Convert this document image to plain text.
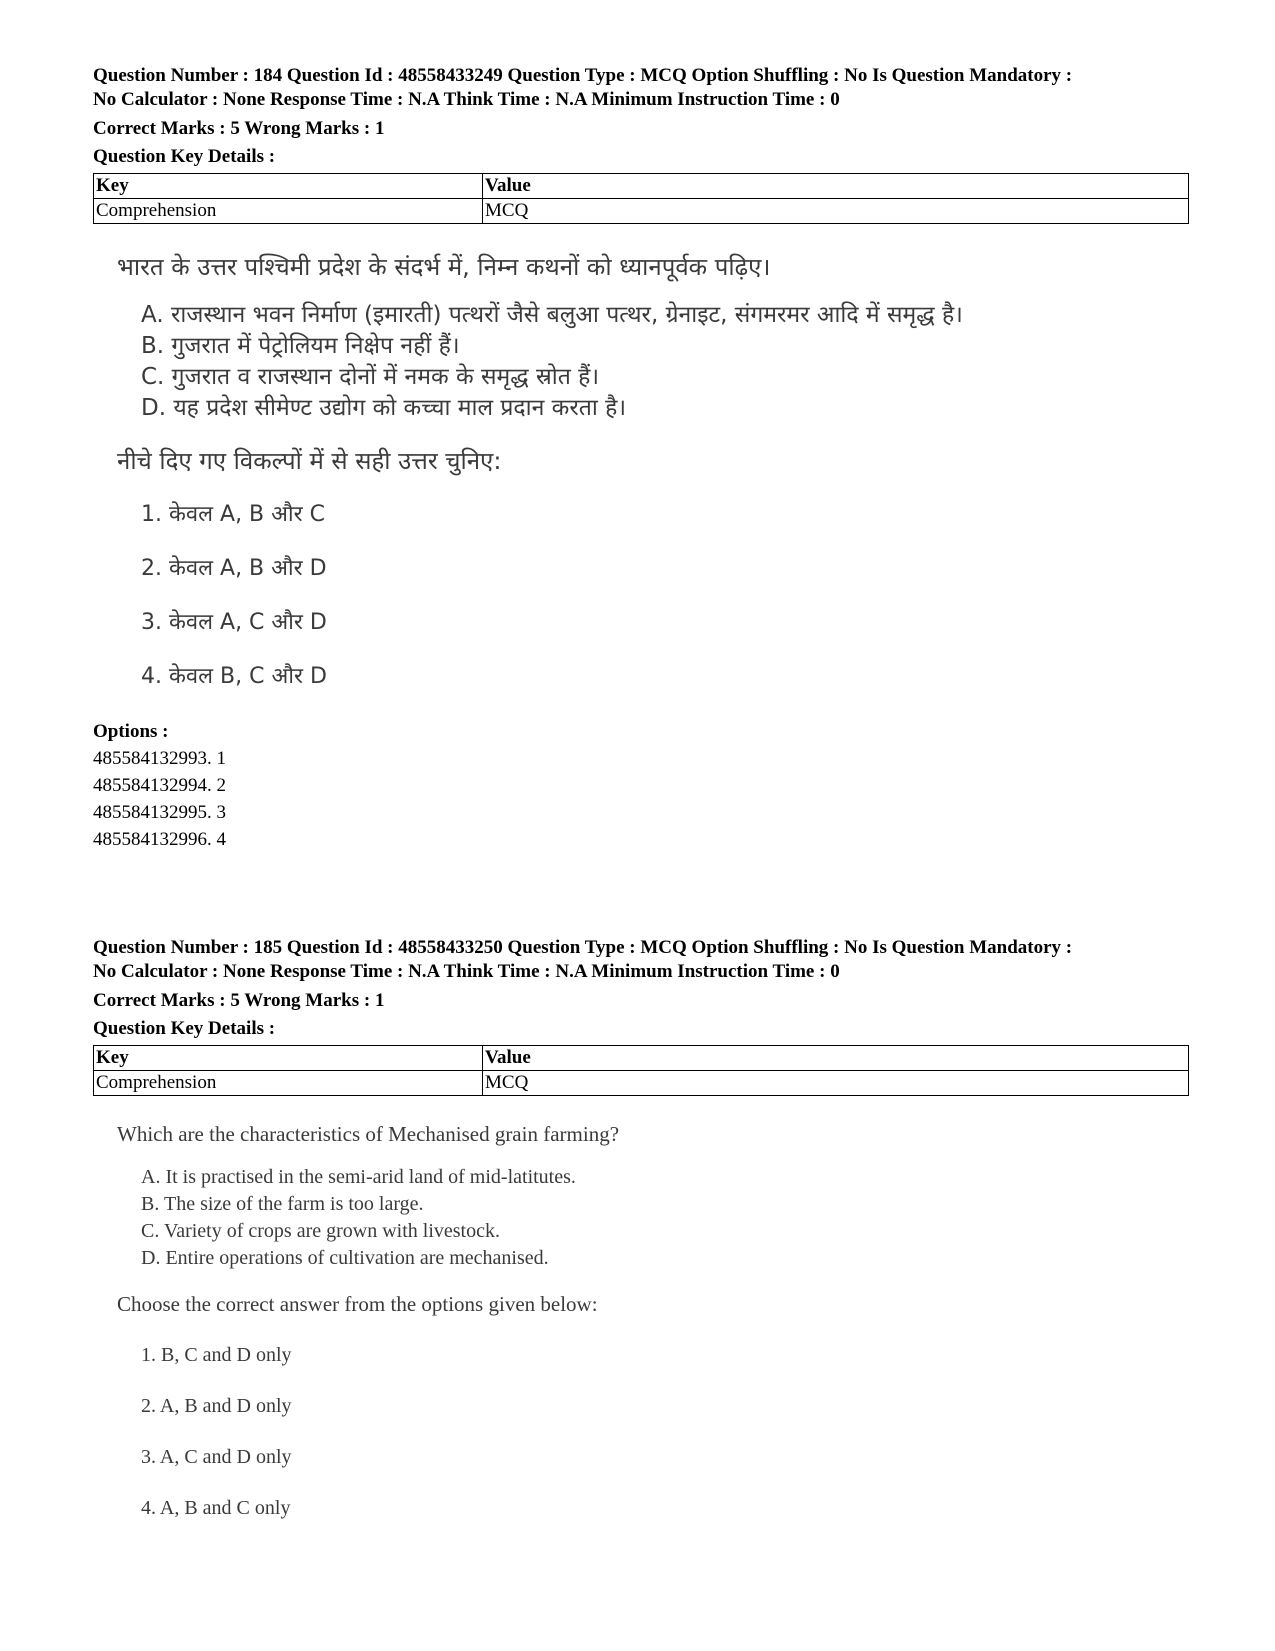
Question Number : 184 Question Id : 48558433249 Question Type : MCQ Option Shuffling : No Is Question Mandatory :

No Calculator : None Response Time : N.A Think Time : N.A Minimum Instruction Time : 0

Correct Marks : 5 Wrong Marks : 1
Question Key Details :
Key	Value
Comprehension	MCQ
भारत के उत्तर पश्चिमी प्रदेश के संदर्भ में, निम्न कथनों को ध्यानपूर्वक पढ़िए।
A. राजस्थान भवन निर्माण (इमारती) पत्थरों जैसे बलुआ पत्थर, ग्रेनाइट, संगमरमर आदि में समृद्ध है।
B. गुजरात में पेट्रोलियम निक्षेप नहीं हैं।
C. गुजरात व राजस्थान दोनों में नमक के समृद्ध स्रोत हैं।
D. यह प्रदेश सीमेण्ट उद्योग को कच्चा माल प्रदान करता है।
नीचे दिए गए विकल्पों में से सही उत्तर चुनिए:
1. केवल A, B और C
2. केवल A, B और D
3. केवल A, C और D
4. केवल B, C और D
Options :
485584132993. 1
485584132994. 2
485584132995. 3
485584132996. 4

Question Number : 185 Question Id : 48558433250 Question Type : MCQ Option Shuffling : No Is Question Mandatory :

No Calculator : None Response Time : N.A Think Time : N.A Minimum Instruction Time : 0

Correct Marks : 5 Wrong Marks : 1
Question Key Details :
Key	Value
Comprehension	MCQ
Which are the characteristics of Mechanised grain farming?
A. It is practised in the semi-arid land of mid-latitutes.
B. The size of the farm is too large.
C. Variety of crops are grown with livestock.
D. Entire operations of cultivation are mechanised.
Choose the correct answer from the options given below:
1. B, C and D only
2. A, B and D only
3. A, C and D only
4. A, B and C only
